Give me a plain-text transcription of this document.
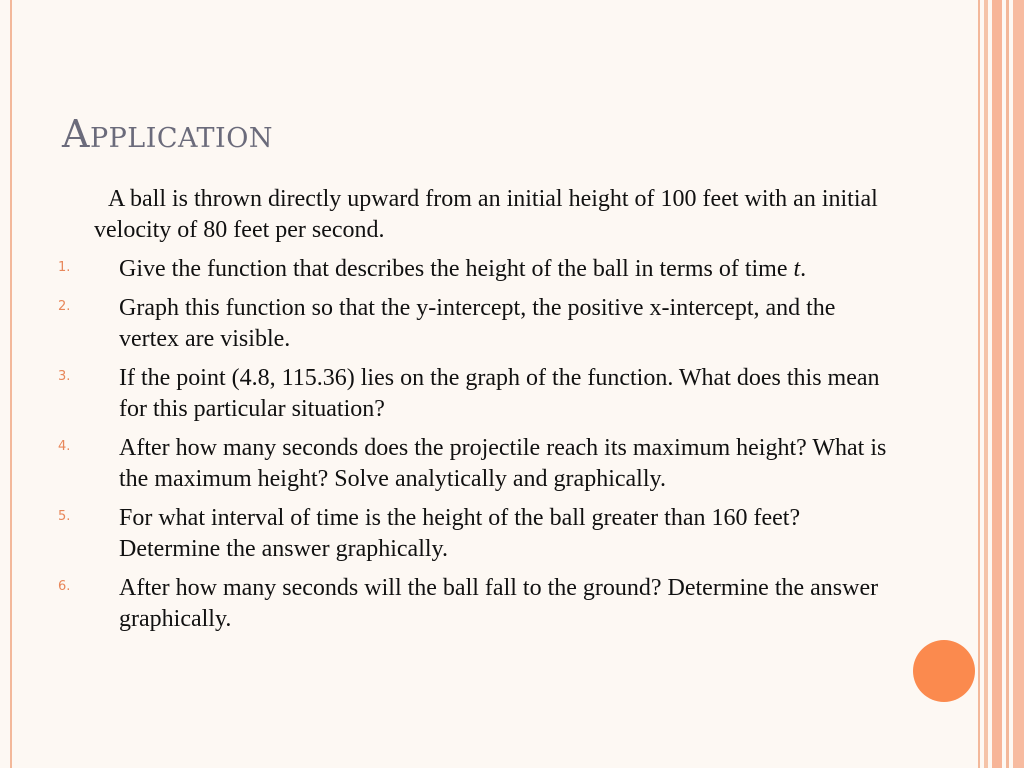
Application

A ball is thrown directly upward from an initial height of 100 feet with an initial velocity of 80 feet per second.

1. Give the function that describes the height of the ball in terms of time t.
2. Graph this function so that the y-intercept, the positive x-intercept, and the vertex are visible.
3. If the point (4.8, 115.36) lies on the graph of the function. What does this mean for this particular situation?
4. After how many seconds does the projectile reach its maximum height? What is the maximum height? Solve analytically and graphically.
5. For what interval of time is the height of the ball greater than 160 feet? Determine the answer graphically.
6. After how many seconds will the ball fall to the ground? Determine the answer graphically.
